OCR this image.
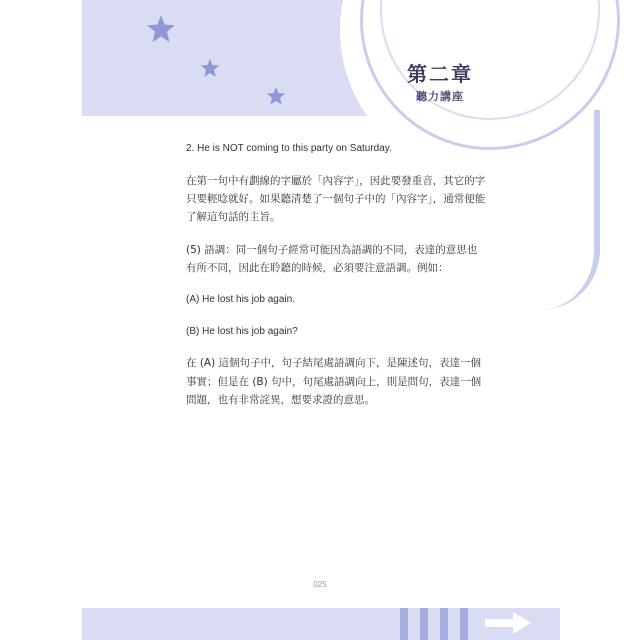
第二章
聽力講座

2. He is NOT coming to this party on Saturday.

在第一句中有劃線的字屬於「內容字」，因此要發重音，其它的字只要輕唸就好。如果聽清楚了一個句子中的「內容字」，通常便能了解這句話的主旨。

(5) 語調：同一個句子經常可能因為語調的不同，表達的意思也有所不同，因此在聆聽的時候，必須要注意語調。例如：

(A) He lost his job again.

(B) He lost his job again?

在 (A) 這個句子中，句子結尾處語調向下，是陳述句，表達一個事實；但是在 (B) 句中，句尾處語調向上，則是問句，表達一個問題，也有非常詫異，想要求證的意思。

025
